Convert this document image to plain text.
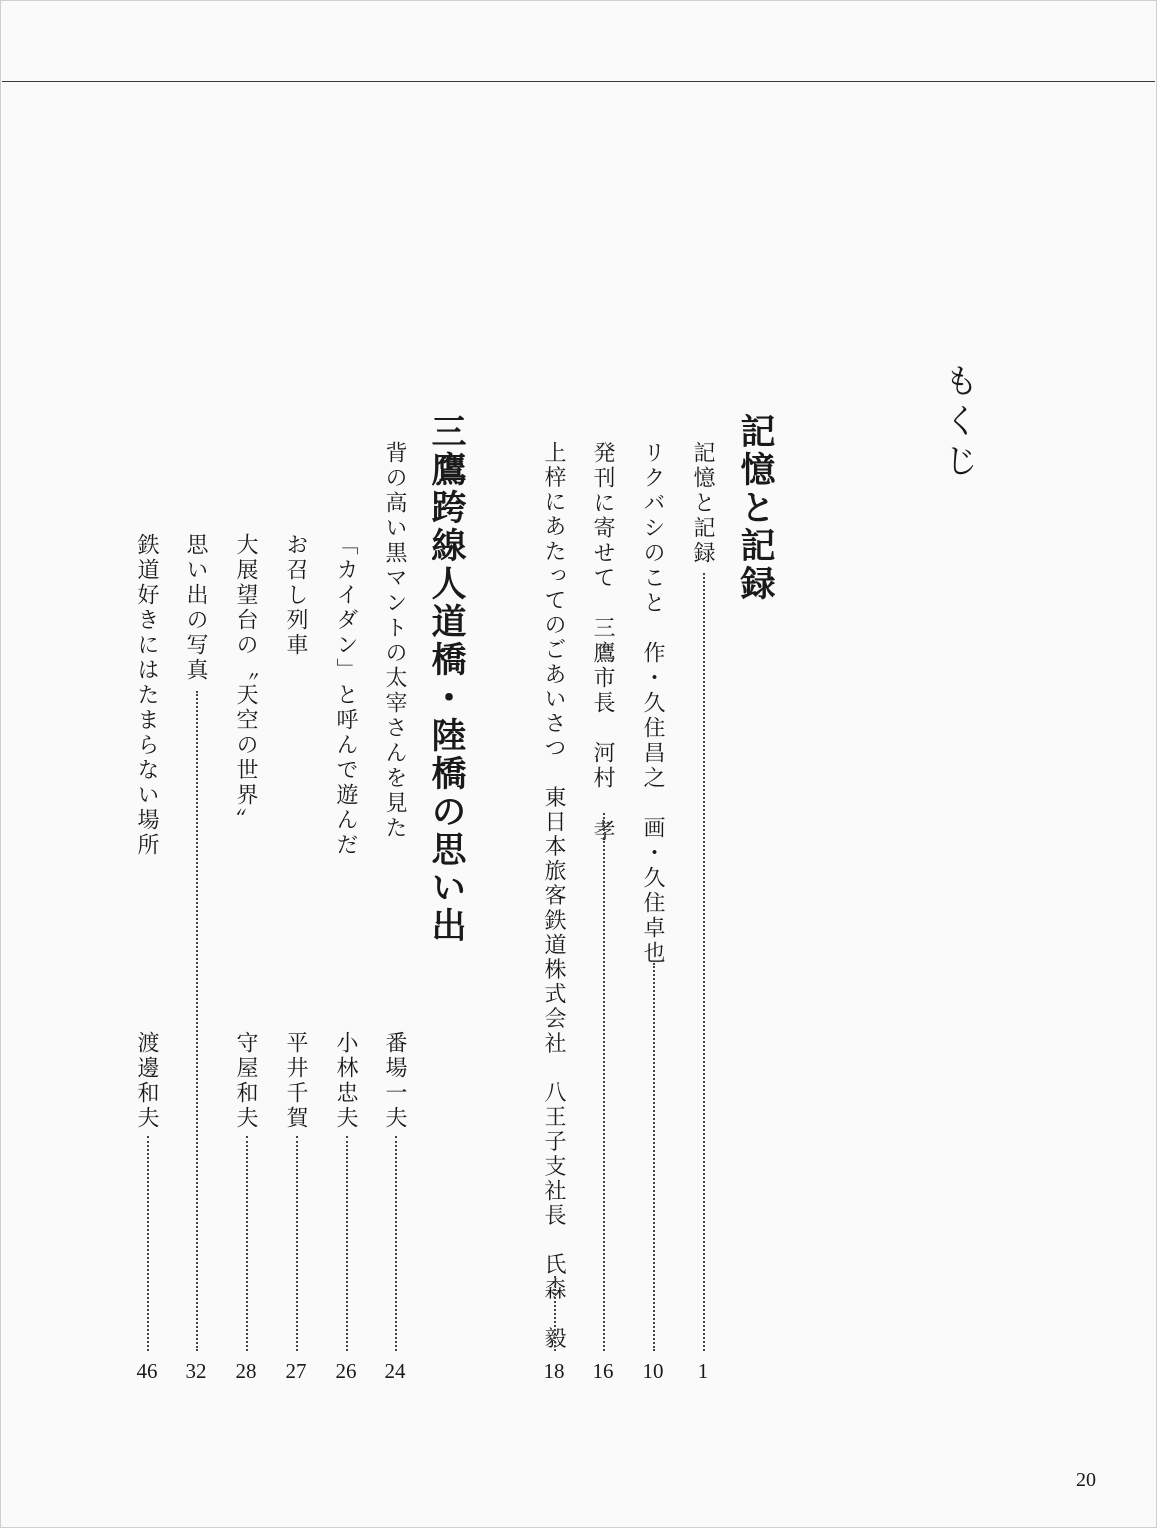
もくじ
記憶と記録
記憶と記録
1
リクバシのこと　作・久住昌之　画・久住卓也
10
発刊に寄せて　三鷹市長　河村 孝
16
上梓にあたってのごあいさつ　東日本旅客鉄道株式会社　八王子支社長　氏森　毅
18
三鷹跨線人道橋・陸橋の思い出
背の高い黒マントの太宰さんを見た
番場一夫
24
「カイダン」と呼んで遊んだ
小林忠夫
26
お召し列車
平井千賀
27
大展望台の〝天空の世界〟
守屋和夫
28
思い出の写真
32
鉄道好きにはたまらない場所
渡邊和夫
46
20
